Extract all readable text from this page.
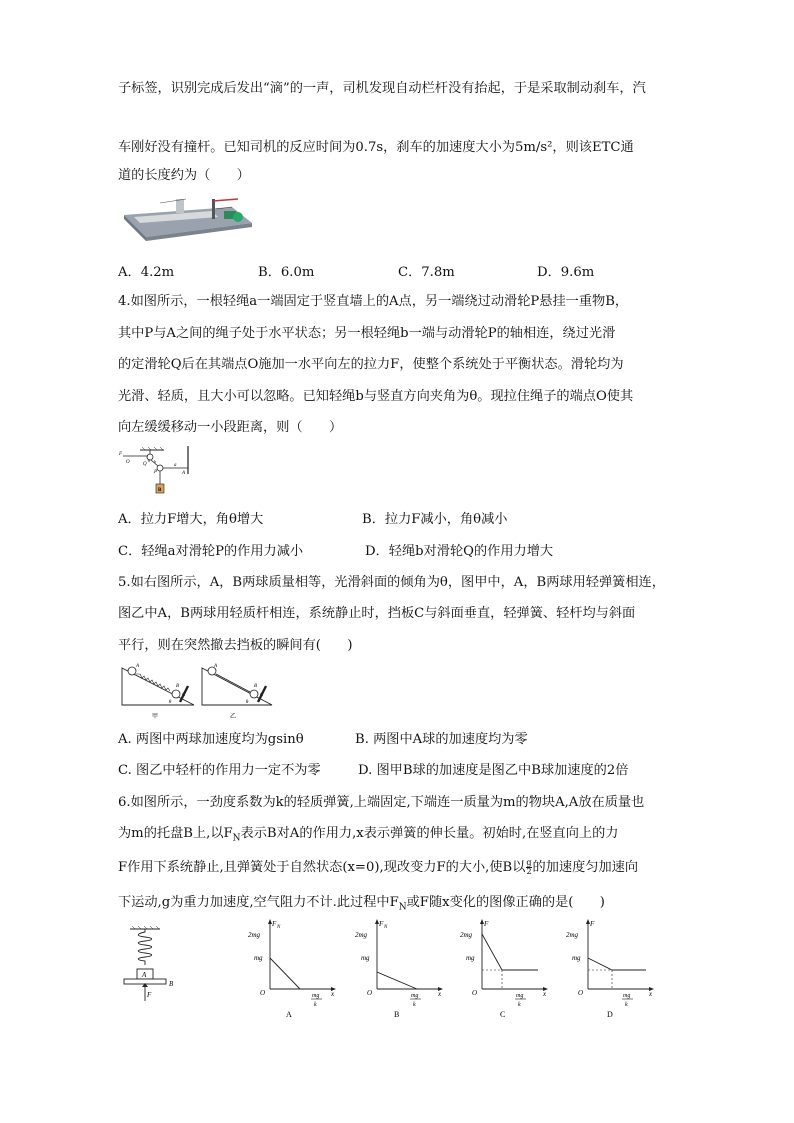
子标签，识别完成后发出“滴”的一声，司机发现自动栏杆没有抬起，于是采取制动刹车，汽
车刚好没有撞杆。已知司机的反应时间为0.7s，刹车的加速度大小为5m/s²，则该ETC通
道的长度约为（　　）
A．4.2m	B．6.0m	C．7.8m	D．9.6m
4.如图所示，一根轻绳a一端固定于竖直墙上的A点，另一端绕过动滑轮P悬挂一重物B，
其中P与A之间的绳子处于水平状态；另一根轻绳b一端与动滑轮P的轴相连，绕过光滑
的定滑轮Q后在其端点O施加一水平向左的拉力F，使整个系统处于平衡状态。滑轮均为
光滑、轻质，且大小可以忽略。已知轻绳b与竖直方向夹角为θ。现拉住绳子的端点O使其
向左缓缓移动一小段距离，则（　　）
F
O	Q
θ
P
a
A
b
B
A．拉力F增大，角θ增大	B．拉力F减小，角θ减小
C．轻绳a对滑轮P的作用力减小	D．轻绳b对滑轮Q的作用力增大
5.如右图所示，A，B两球质量相等，光滑斜面的倾角为θ，图甲中，A，B两球用轻弹簧相连，
图乙中A，B两球用轻质杆相连，系统静止时，挡板C与斜面垂直，轻弹簧、轻杆均与斜面
平行，则在突然撤去挡板的瞬间有(　　)
A
B
C
θ
甲
A
B
C
θ
乙
A. 两图中两球加速度均为gsinθ	B. 两图中A球的加速度均为零
C. 图乙中轻杆的作用力一定不为零	D. 图甲B球的加速度是图乙中B球加速度的2倍
6.如图所示，一劲度系数为k的轻质弹簧,上端固定,下端连一质量为m的物块A,A放在质量也
为m的托盘B上,以$F_N$表示B对A的作用力,x表示弹簧的伸长量。初始时,在竖直向上的力
F作用下系统静止,且弹簧处于自然状态(x=0),现改变力F的大小,使B以 $\frac{g}{2}$ 的加速度匀加速向
下运动,g为重力加速度,空气阻力不计.此过程中$F_N$或F随x变化的图像正确的是(　　)
A
B
F
F N
2mg
mg
O	x
mg
k
A
F N
2mg
mg
O	x
mg
k
B
F
2mg
mg
O	x
mg
k
C
F
2mg
mg
O	x
mg
k
D
